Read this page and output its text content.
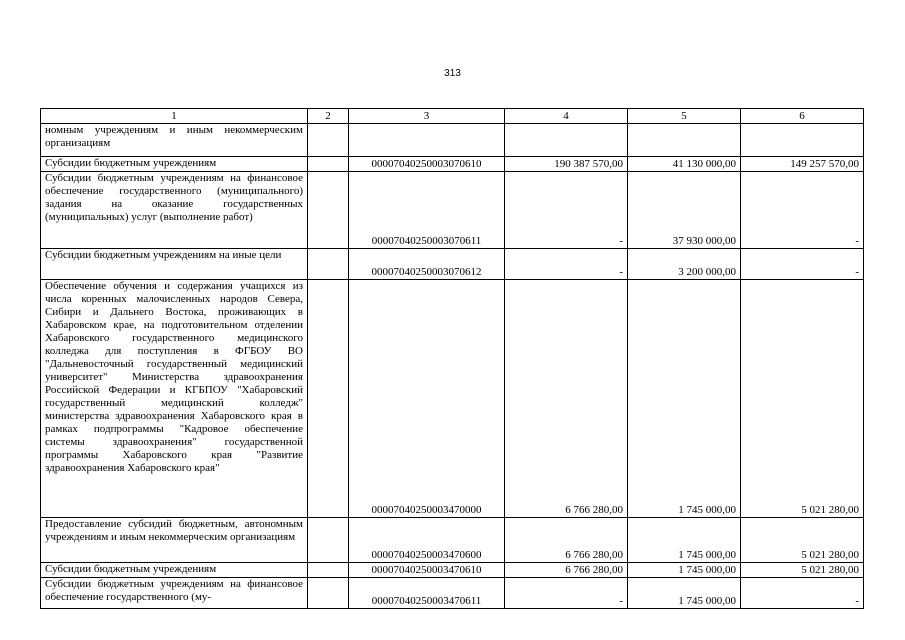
313
1	2	3	4	5	6
номным учреждениям и иным некоммерческим организациям					
Субсидии бюджетным учреждениям		00007040250003070610	190 387 570,00	41 130 000,00	149 257 570,00
Субсидии бюджетным учреждениям на финансовое обеспечение государственного (муниципального) задания на оказание государственных (муниципальных) услуг (выполнение работ)		00007040250003070611	-	37 930 000,00	-
Субсидии бюджетным учреждениям на иные цели		00007040250003070612	-	3 200 000,00	-
Обеспечение обучения и содержания учащихся из числа коренных малочисленных народов Севера, Сибири и Дальнего Востока, проживающих в Хабаровском крае, на подготовительном отделении Хабаровского государственного медицинского колледжа для поступления в ФГБОУ ВО "Дальневосточный государственный медицинский университет" Министерства здравоохранения Российской Федерации и КГБПОУ "Хабаровский государственный медицинский колледж" министерства здравоохранения Хабаровского края в рамках подпрограммы "Кадровое обеспечение системы здравоохранения" государственной программы Хабаровского края "Развитие здравоохранения Хабаровского края"		00007040250003470000	6 766 280,00	1 745 000,00	5 021 280,00
Предоставление субсидий бюджетным, автономным учреждениям и иным некоммерческим организациям		00007040250003470600	6 766 280,00	1 745 000,00	5 021 280,00
Субсидии бюджетным учреждениям		00007040250003470610	6 766 280,00	1 745 000,00	5 021 280,00
Субсидии бюджетным учреждениям на финансовое обеспечение государственного (му-		00007040250003470611	-	1 745 000,00	-
